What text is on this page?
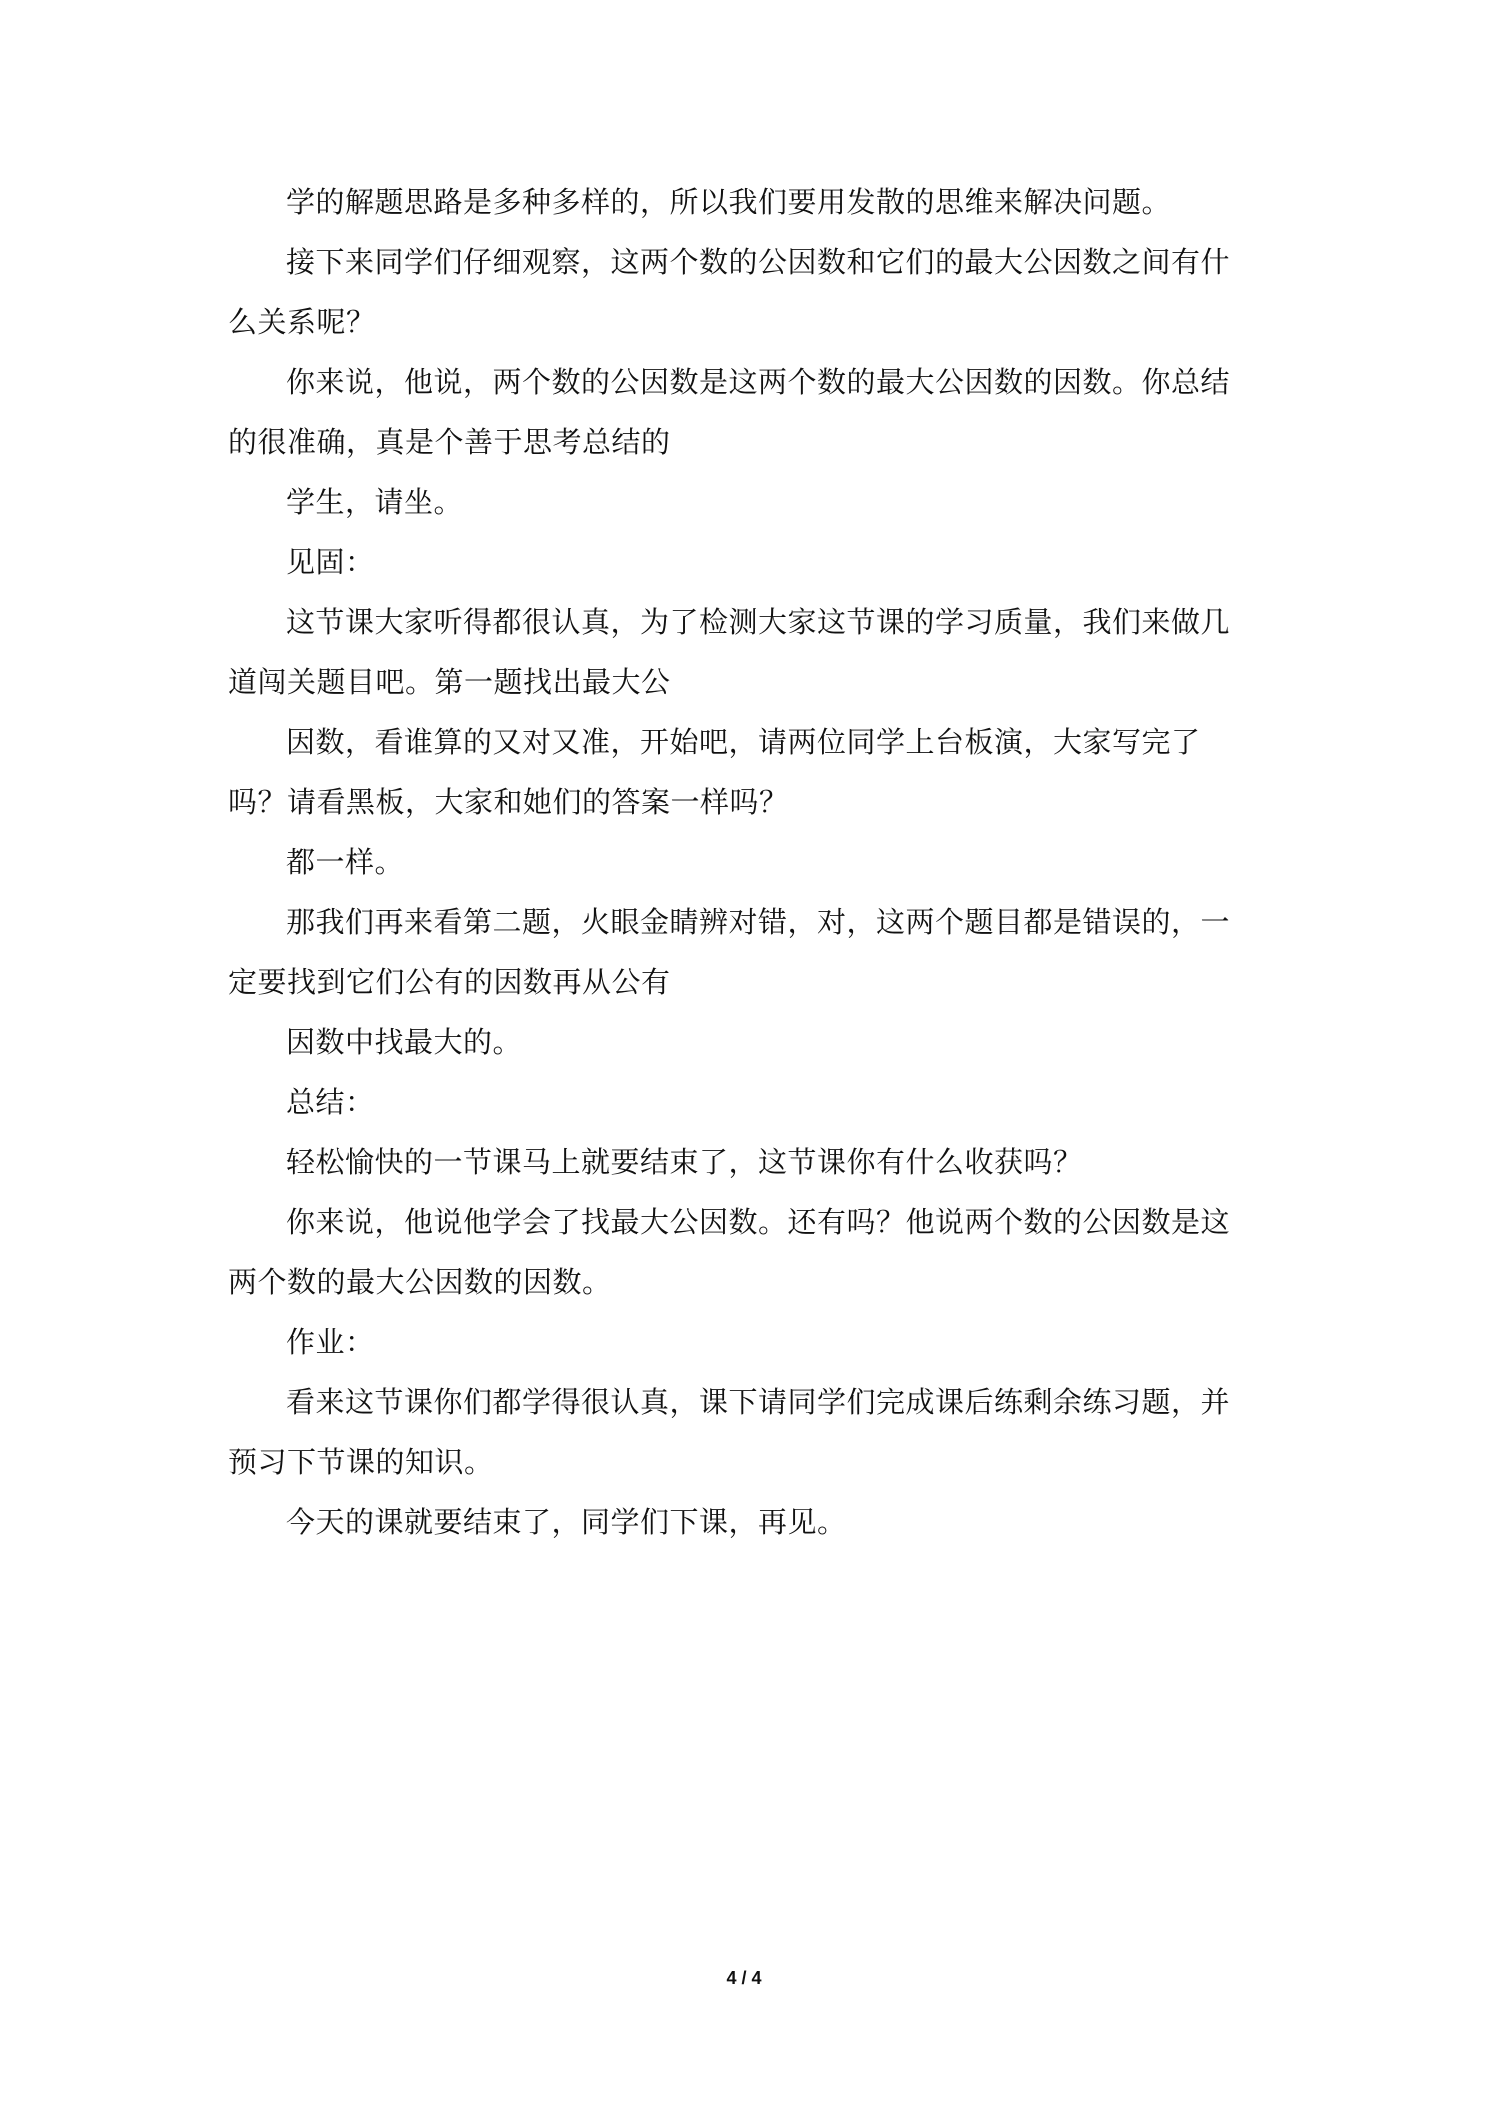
学的解题思路是多种多样的，所以我们要用发散的思维来解决问题。

接下来同学们仔细观察，这两个数的公因数和它们的最大公因数之间有什么关系呢？

你来说，他说，两个数的公因数是这两个数的最大公因数的因数。你总结的很准确，真是个善于思考总结的

学生，请坐。

见固：

这节课大家听得都很认真，为了检测大家这节课的学习质量，我们来做几道闯关题目吧。第一题找出最大公

因数，看谁算的又对又准，开始吧，请两位同学上台板演，大家写完了吗？请看黑板，大家和她们的答案一样吗？

都一样。

那我们再来看第二题，火眼金睛辨对错，对，这两个题目都是错误的，一定要找到它们公有的因数再从公有

因数中找最大的。

总结：

轻松愉快的一节课马上就要结束了，这节课你有什么收获吗？

你来说，他说他学会了找最大公因数。还有吗？他说两个数的公因数是这两个数的最大公因数的因数。

作业：

看来这节课你们都学得很认真，课下请同学们完成课后练剩余练习题，并预习下节课的知识。

今天的课就要结束了，同学们下课，再见。

4 / 4
